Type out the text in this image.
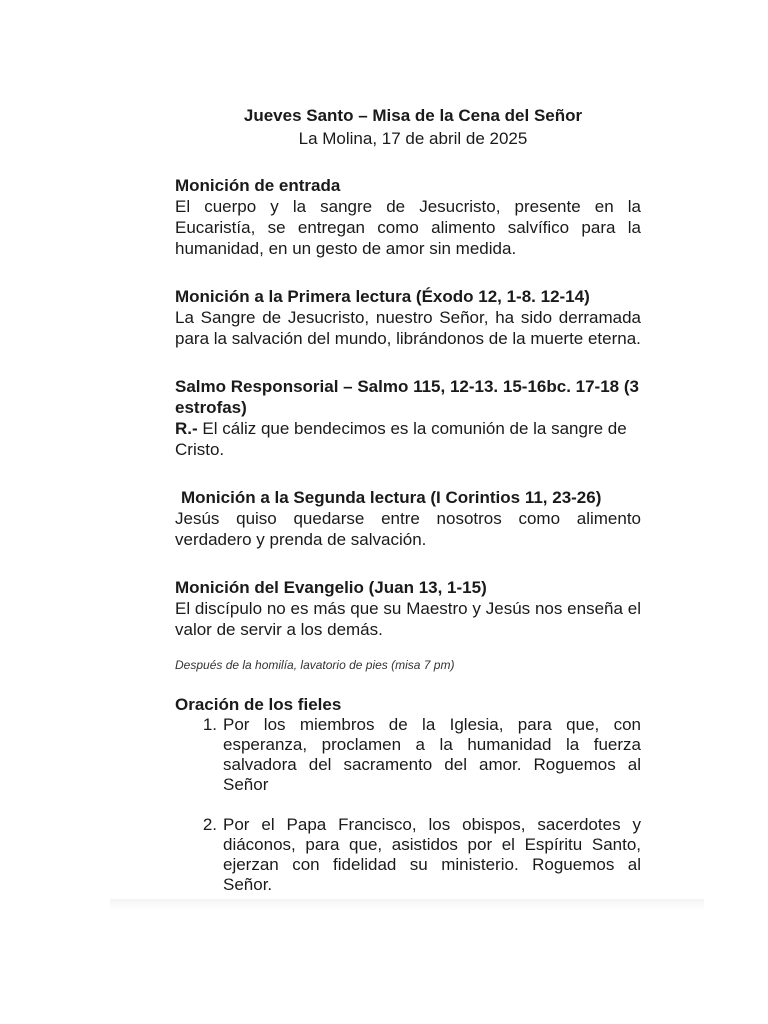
Jueves Santo – Misa de la Cena del Señor
La Molina, 17 de abril de 2025
Monición de entrada
El cuerpo y la sangre de Jesucristo, presente en la Eucaristía, se entregan como alimento salvífico para la humanidad, en un gesto de amor sin medida.
Monición a la Primera lectura (Éxodo 12, 1-8. 12-14)
La Sangre de Jesucristo, nuestro Señor, ha sido derramada para la salvación del mundo, librándonos de la muerte eterna.
Salmo Responsorial – Salmo 115, 12-13. 15-16bc. 17-18 (3 estrofas)
R.- El cáliz que bendecimos es la comunión de la sangre de Cristo.
Monición a la Segunda lectura (I Corintios 11, 23-26)
Jesús quiso quedarse entre nosotros como alimento verdadero y prenda de salvación.
Monición del Evangelio (Juan 13, 1-15)
El discípulo no es más que su Maestro y Jesús nos enseña el valor de servir a los demás.
Después de la homilía, lavatorio de pies (misa 7 pm)
Oración de los fieles
1. Por los miembros de la Iglesia, para que, con esperanza, proclamen a la humanidad la fuerza salvadora del sacramento del amor. Roguemos al Señor
2. Por el Papa Francisco, los obispos, sacerdotes y diáconos, para que, asistidos por el Espíritu Santo, ejerzan con fidelidad su ministerio. Roguemos al Señor.
